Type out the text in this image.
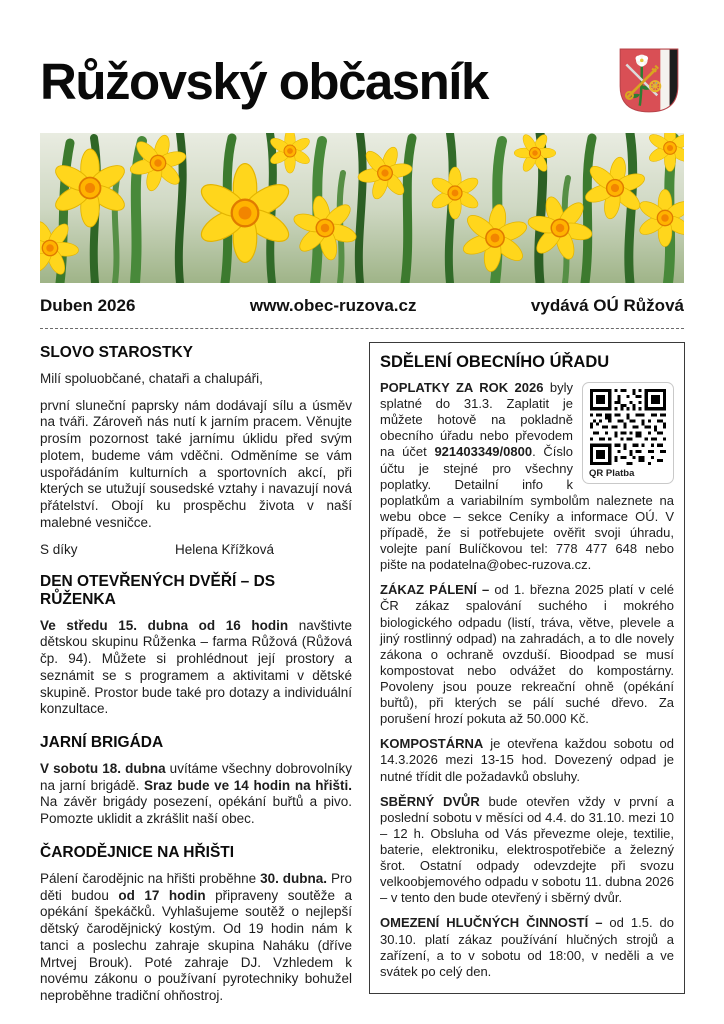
Růžovský občasník
Duben 2026	www.obec-ruzova.cz	vydává OÚ Růžová
SLOVO STAROSTKY

Milí spoluobčané, chataři a chalupáři,

první sluneční paprsky nám dodávají sílu a úsměv na tváři. Zároveň nás nutí k jarním pracem. Věnujte prosím pozornost také jarnímu úklidu před svým plotem, budeme vám vděčni. Odměníme se vám uspořádáním kulturních a sportovních akcí, při kterých se utužují sousedské vztahy i navazují nová přátelství. Obojí ku prospěchu života v naší malebné vesničce.

S díky	Helena Křížková
DEN OTEVŘENÝCH DVĚŘÍ – DS RŮŽENKA

Ve středu 15. dubna od 16 hodin navštivte dětskou skupinu Růženka – farma Růžová (Růžová čp. 94). Můžete si prohlédnout její prostory a seznámit se s programem a aktivitami v dětské skupině. Prostor bude také pro dotazy a individuální konzultace.

JARNÍ BRIGÁDA

V sobotu 18. dubna uvítáme všechny dobrovolníky na jarní brigádě. Sraz bude ve 14 hodin na hřišti. Na závěr brigády posezení, opékání buřtů a pivo. Pomozte uklidit a zkrášlit naší obec.

ČARODĚJNICE NA HŘIŠTI

Pálení čarodějnic na hřišti proběhne 30. dubna. Pro děti budou od 17 hodin připraveny soutěže a opékání špekáčků. Vyhlašujeme soutěž o nejlepší dětský čarodějnický kostým. Od 19 hodin nám k tanci a poslechu zahraje skupina Naháku (dříve Mrtvej Brouk). Poté zahraje DJ. Vzhledem k novému zákonu o používaní pyrotechniky bohužel neproběhne tradiční ohňostroj.

SDĚLENÍ OBECNÍHO ÚŘADU

QR Platba
POPLATKY ZA ROK 2026 byly splatné do 31.3. Zaplatit je můžete hotově na pokladně obecního úřadu nebo převodem na účet 921403349/0800. Číslo účtu je stejné pro všechny poplatky. Detailní info k poplatkům a variabilním symbolům naleznete na webu obce – sekce Ceníky a informace OÚ. V případě, že si potřebujete ověřit svoji úhradu, volejte paní Bulíčkovou tel: 778 477 648 nebo pište na podatelna@obec-ruzova.cz.

ZÁKAZ PÁLENÍ – od 1. března 2025 platí v celé ČR zákaz spalování suchého i mokrého biologického odpadu (listí, tráva, větve, plevele a jiný rostlinný odpad) na zahradách, a to dle novely zákona o ochraně ovzduší. Bioodpad se musí kompostovat nebo odvážet do kompostárny. Povoleny jsou pouze rekreační ohně (opékání buřtů), při kterých se pálí suché dřevo. Za porušení hrozí pokuta až 50.000 Kč.

KOMPOSTÁRNA je otevřena každou sobotu od 14.3.2026 mezi 13-15 hod. Dovezený odpad je nutné třídit dle požadavků obsluhy.

SBĚRNÝ DVŮR bude otevřen vždy v první a poslední sobotu v měsíci od 4.4. do 31.10. mezi 10 – 12 h. Obsluha od Vás převezme oleje, textilie, baterie, elektroniku, elektrospotřebiče a železný šrot. Ostatní odpady odevzdejte při svozu velkoobjemového odpadu v sobotu 11. dubna 2026 – v tento den bude otevřený i sběrný dvůr.

OMEZENÍ HLUČNÝCH ČINNOSTÍ – od 1.5. do 30.10. platí zákaz používání hlučných strojů a zařízení, a to v sobotu od 18:00, v neděli a ve svátek po celý den.
